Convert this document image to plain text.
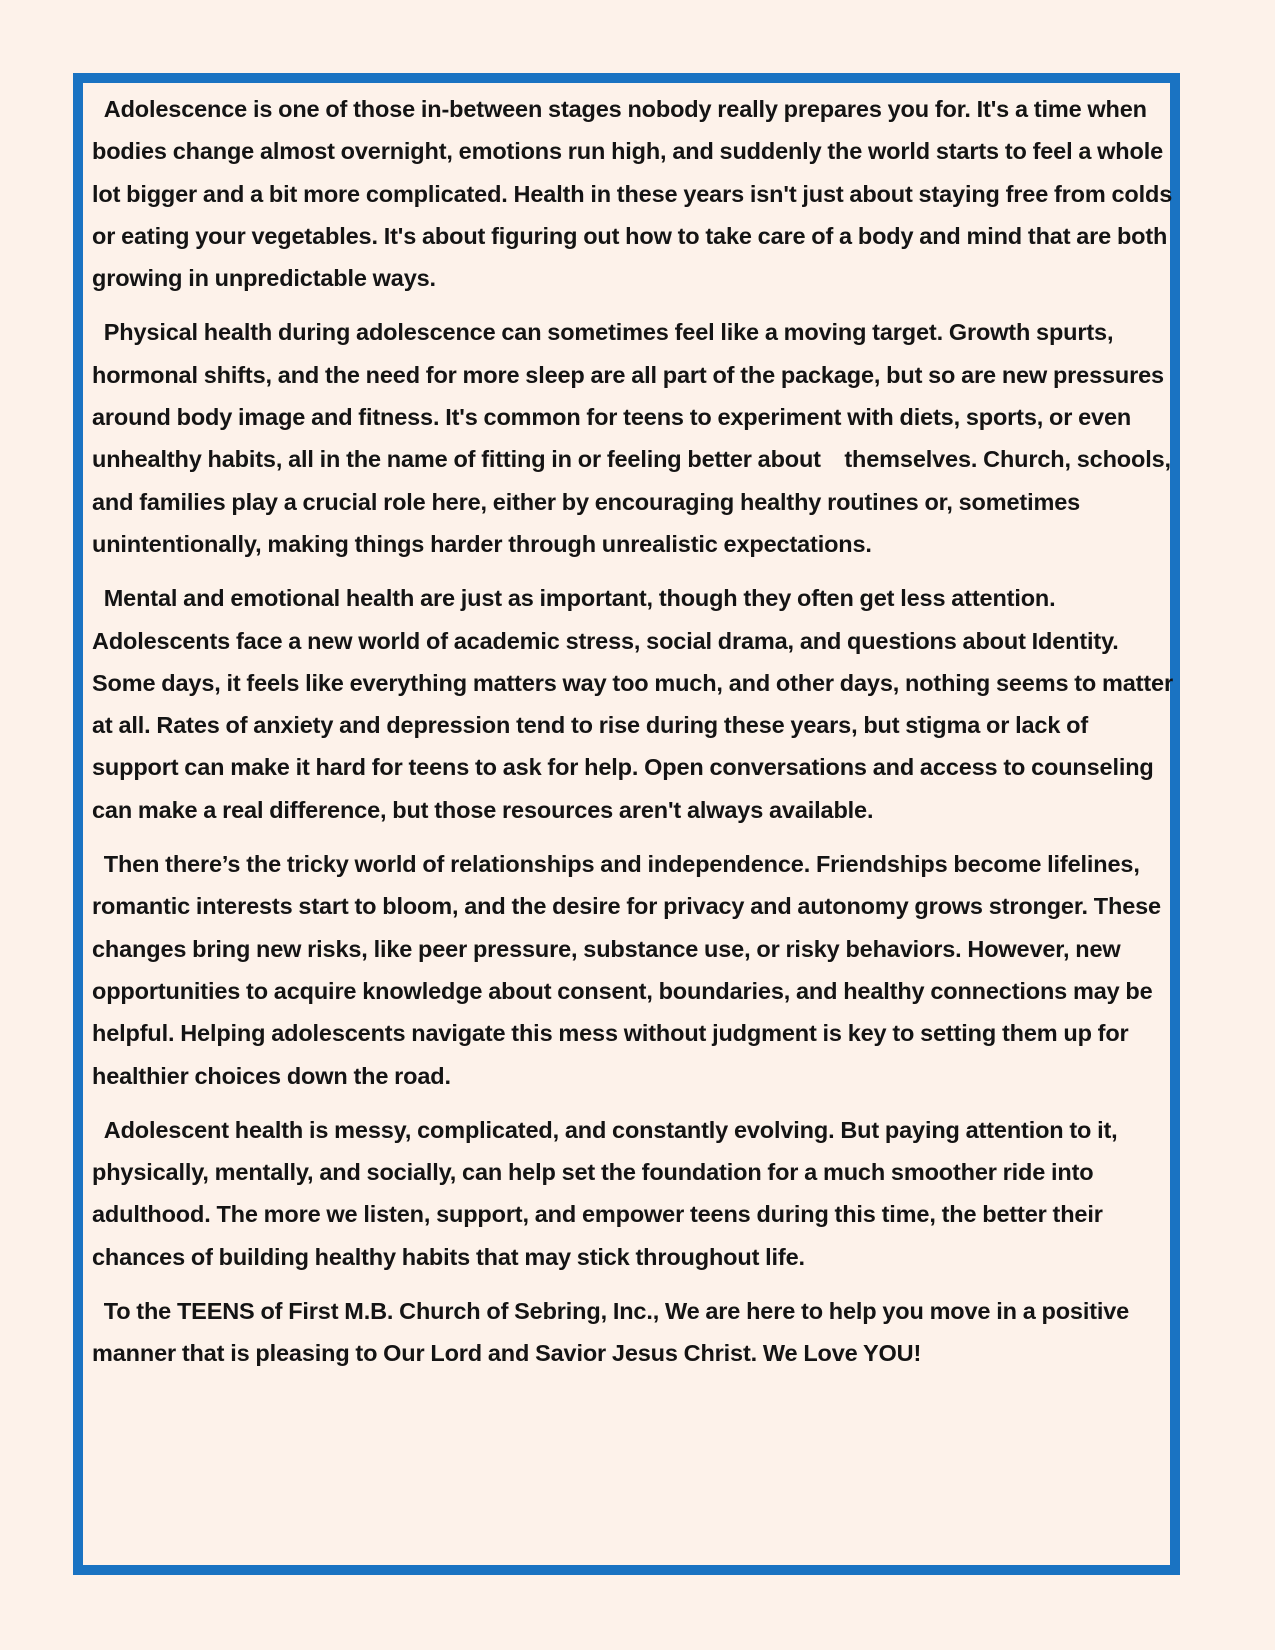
Adolescence is one of those in-between stages nobody really prepares you for. It's a time when bodies change almost overnight, emotions run high, and suddenly the world starts to feel a whole lot bigger and a bit more complicated. Health in these years isn't just about staying free from colds or eating your vegetables. It's about figuring out how to take care of a body and mind that are both growing in unpredictable ways.

Physical health during adolescence can sometimes feel like a moving target. Growth spurts, hormonal shifts, and the need for more sleep are all part of the package, but so are new pressures around body image and fitness. It's common for teens to experiment with diets, sports, or even unhealthy habits, all in the name of fitting in or feeling better about    themselves. Church, schools, and families play a crucial role here, either by encouraging healthy routines or, sometimes unintentionally, making things harder through unrealistic expectations.

Mental and emotional health are just as important, though they often get less attention. Adolescents face a new world of academic stress, social drama, and questions about Identity. Some days, it feels like everything matters way too much, and other days, nothing seems to matter at all. Rates of anxiety and depression tend to rise during these years, but stigma or lack of support can make it hard for teens to ask for help. Open conversations and access to counseling can make a real difference, but those resources aren't always available.

Then there’s the tricky world of relationships and independence. Friendships become lifelines, romantic interests start to bloom, and the desire for privacy and autonomy grows stronger. These changes bring new risks, like peer pressure, substance use, or risky behaviors. However, new opportunities to acquire knowledge about consent, boundaries, and healthy connections may be helpful. Helping adolescents navigate this mess without judgment is key to setting them up for healthier choices down the road.

Adolescent health is messy, complicated, and constantly evolving. But paying attention to it, physically, mentally, and socially, can help set the foundation for a much smoother ride into adulthood. The more we listen, support, and empower teens during this time, the better their chances of building healthy habits that may stick throughout life.

To the TEENS of First M.B. Church of Sebring, Inc., We are here to help you move in a positive manner that is pleasing to Our Lord and Savior Jesus Christ. We Love YOU!
